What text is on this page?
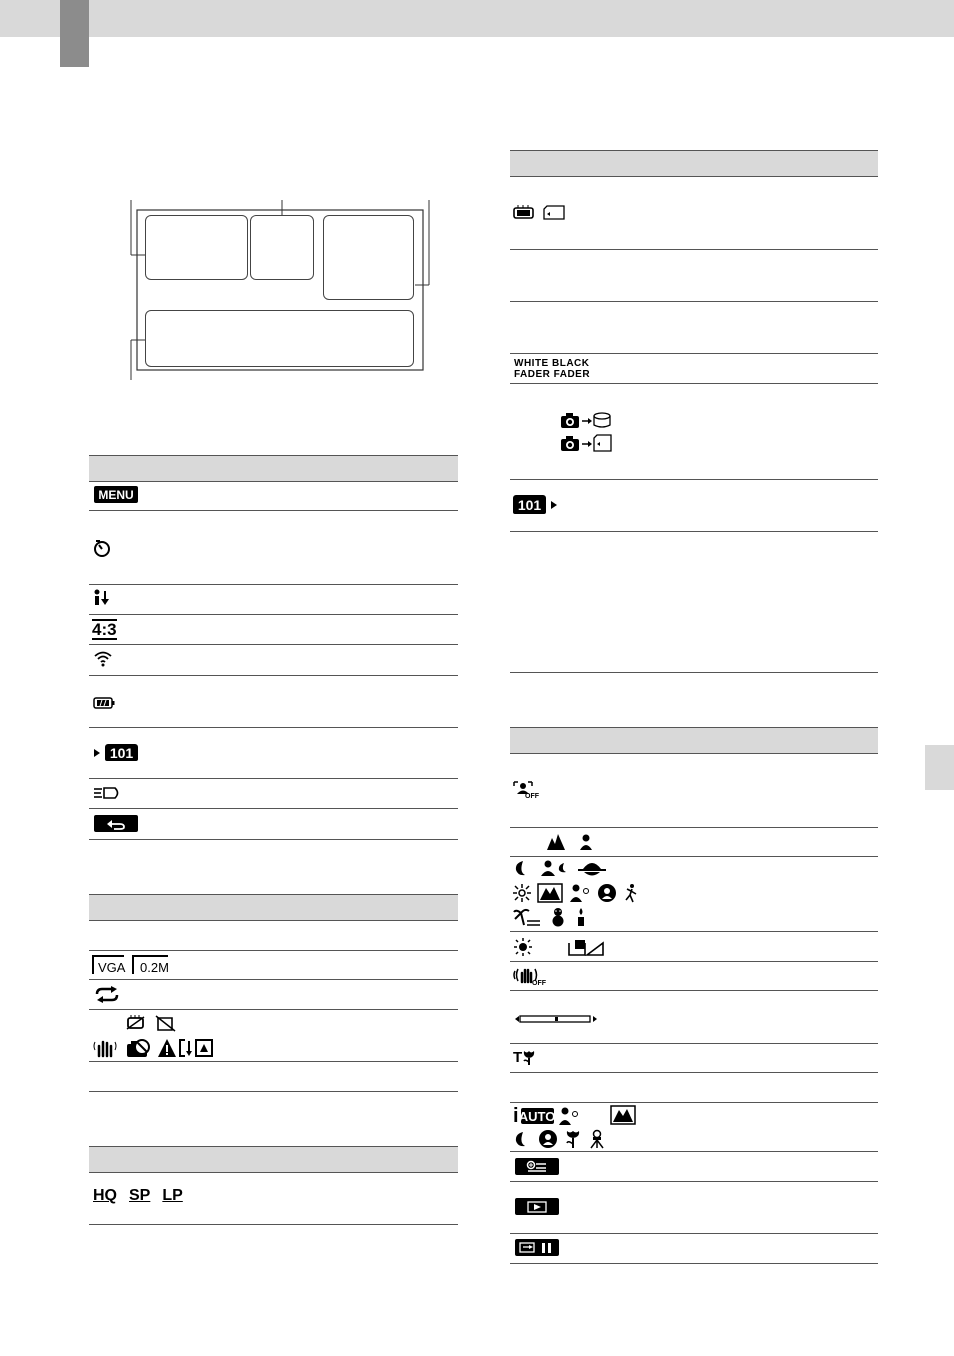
MENU
4:3
101
VGA 0.2M
HQ SP LP
WHITE BLACK
FADER FADER
101
OFF
OFF
T
i AUTO
